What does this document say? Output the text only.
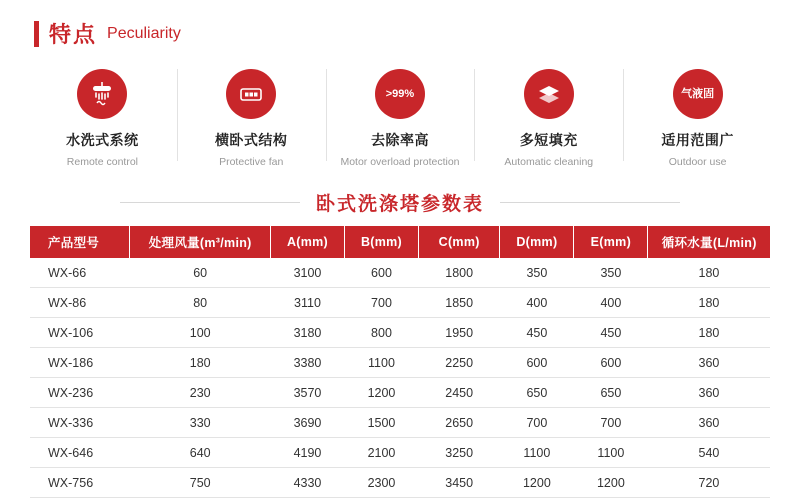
特点 Peculiarity
水洗式系统
Remote control
横卧式结构
Protective fan
>99%
去除率高
Motor overload protection
多短填充
Automatic cleaning
气液固
适用范围广
Outdoor use
卧式洗涤塔参数表
产品型号	处理风量(m³/min)	A(mm)	B(mm)	C(mm)	D(mm)	E(mm)	循环水量(L/min)
WX-66	60	3100	600	1800	350	350	180
WX-86	80	3110	700	1850	400	400	180
WX-106	100	3180	800	1950	450	450	180
WX-186	180	3380	1100	2250	600	600	360
WX-236	230	3570	1200	2450	650	650	360
WX-336	330	3690	1500	2650	700	700	360
WX-646	640	4190	2100	3250	1100	1100	540
WX-756	750	4330	2300	3450	1200	1200	720
